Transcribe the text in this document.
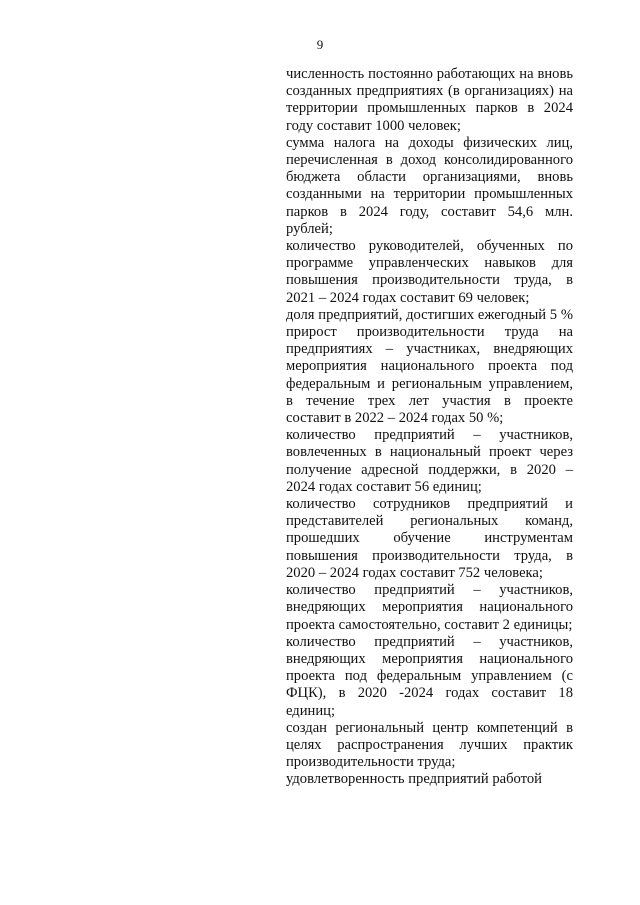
9

численность постоянно работающих на вновь созданных предприятиях (в организациях) на территории промышленных парков в 2024 году составит 1000 человек;

сумма налога на доходы физических лиц, перечисленная в доход консолидированного бюджета области организациями, вновь созданными на территории промышленных парков в 2024 году, составит 54,6 млн. рублей;

количество руководителей, обученных по программе управленческих навыков для повышения производительности труда, в 2021 – 2024 годах составит 69 человек;

доля предприятий, достигших ежегодный 5 % прирост производительности труда на предприятиях – участниках, внедряющих мероприятия национального проекта под федеральным и региональным управлением, в течение трех лет участия в проекте составит в 2022 – 2024 годах 50 %;

количество предприятий – участников, вовлеченных в национальный проект через получение адресной поддержки, в 2020 – 2024 годах составит 56 единиц;

количество сотрудников предприятий и представителей региональных команд, прошедших обучение инструментам повышения производительности труда, в 2020 – 2024 годах составит 752 человека;

количество предприятий – участников, внедряющих мероприятия национального проекта самостоятельно, составит 2 единицы;

количество предприятий – участников, внедряющих мероприятия национального проекта под федеральным управлением (с ФЦК), в 2020 -2024 годах составит 18 единиц;

создан региональный центр компетенций в целях распространения лучших практик производительности труда;

удовлетворенность предприятий работой
